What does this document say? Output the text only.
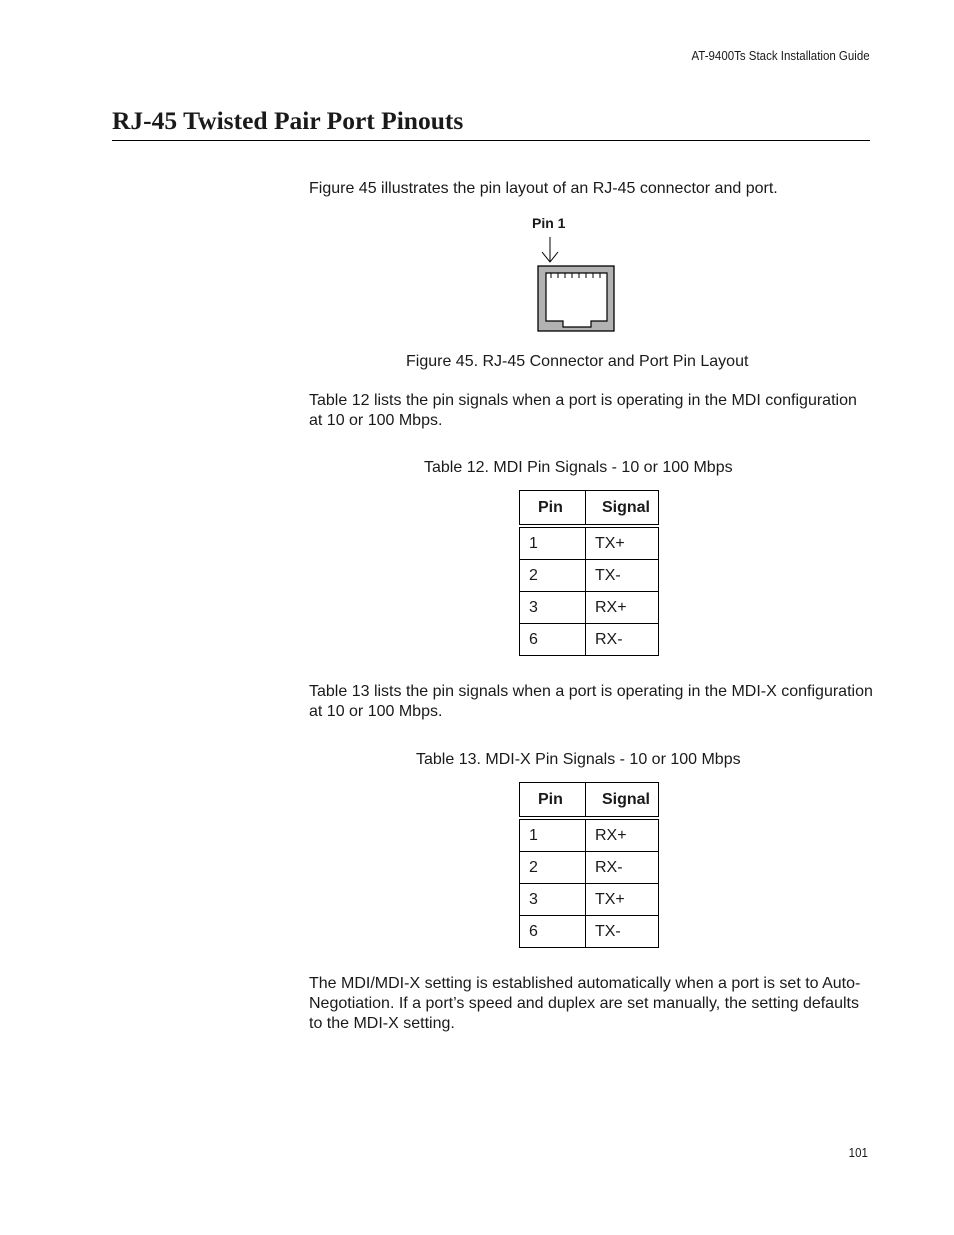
AT-9400Ts Stack Installation Guide
RJ-45 Twisted Pair Port Pinouts

Figure 45 illustrates the pin layout of an RJ-45 connector and port.

Pin 1

Figure 45. RJ-45 Connector and Port Pin Layout

Table 12 lists the pin signals when a port is operating in the MDI configuration at 10 or 100 Mbps.

Table 12. MDI Pin Signals - 10 or 100 Mbps

Pin	Signal
1	TX+
2	TX-
3	RX+
6	RX-

Table 13 lists the pin signals when a port is operating in the MDI-X configuration at 10 or 100 Mbps.

Table 13. MDI-X Pin Signals - 10 or 100 Mbps

Pin	Signal
1	RX+
2	RX-
3	TX+
6	TX-

The MDI/MDI-X setting is established automatically when a port is set to Auto-Negotiation. If a port’s speed and duplex are set manually, the setting defaults to the MDI-X setting.

101
